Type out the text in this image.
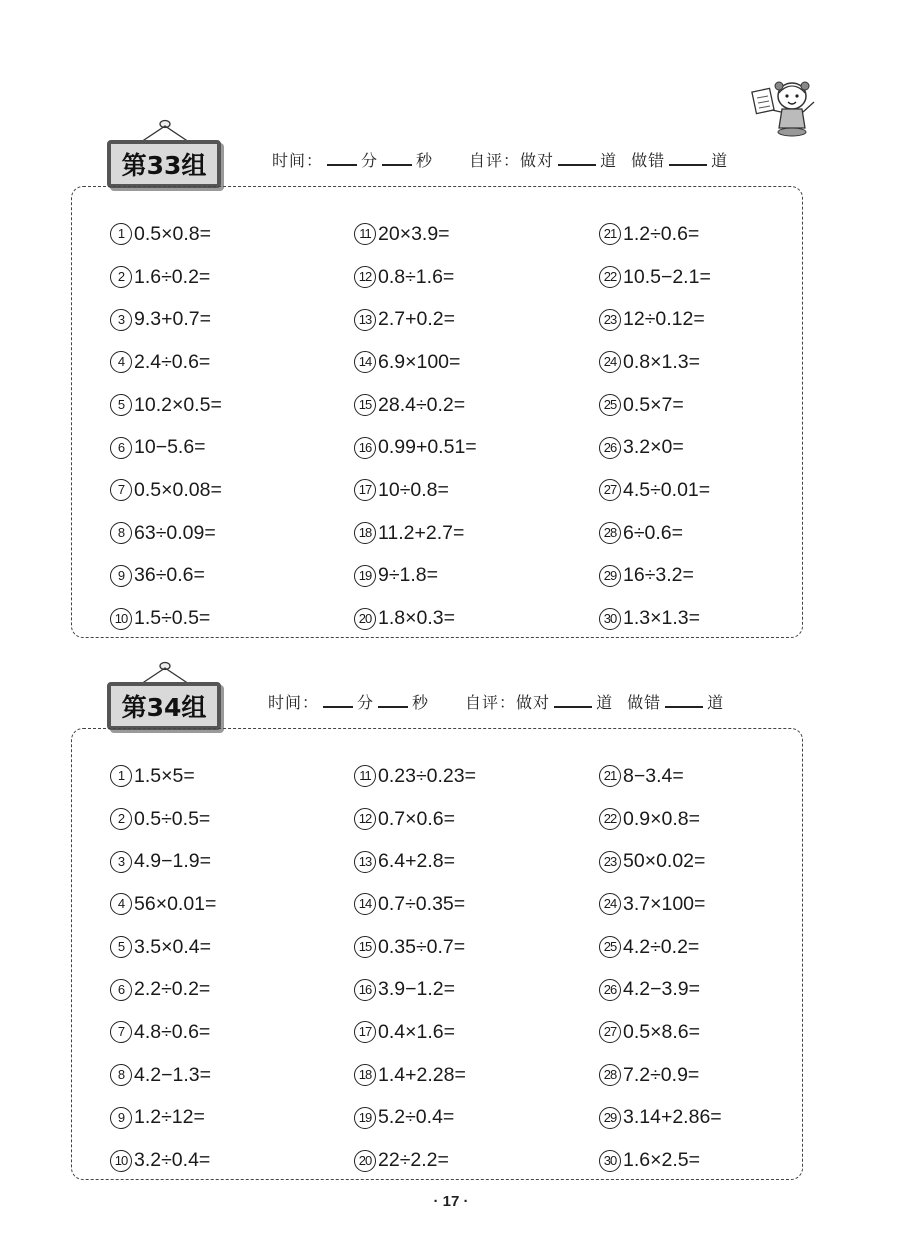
第33组	时间： 分 秒 自评：做对	道 做错	道
1 0.5×0.8=
2 1.6÷0.2=
3 9.3+0.7=
4 2.4÷0.6=
5 10.2×0.5=
6 10−5.6=
7 0.5×0.08=
8 63÷0.09=
9 36÷0.6=
10 1.5÷0.5=
11 20×3.9=
12 0.8÷1.6=
13 2.7+0.2=
14 6.9×100=
15 28.4÷0.2=
16 0.99+0.51=
17 10÷0.8=
18 11.2+2.7=
19 9÷1.8=
20 1.8×0.3=
21 1.2÷0.6=
22 10.5−2.1=
23 12÷0.12=
24 0.8×1.3=
25 0.5×7=
26 3.2×0=
27 4.5÷0.01=
28 6÷0.6=
29 16÷3.2=
30 1.3×1.3=
第34组	时间： 分 秒 自评：做对	道 做错	道
1 1.5×5=
2 0.5÷0.5=
3 4.9−1.9=
4 56×0.01=
5 3.5×0.4=
6 2.2÷0.2=
7 4.8÷0.6=
8 4.2−1.3=
9 1.2÷12=
10 3.2÷0.4=
11 0.23÷0.23=
12 0.7×0.6=
13 6.4+2.8=
14 0.7÷0.35=
15 0.35÷0.7=
16 3.9−1.2=
17 0.4×1.6=
18 1.4+2.28=
19 5.2÷0.4=
20 22÷2.2=
21 8−3.4=
22 0.9×0.8=
23 50×0.02=
24 3.7×100=
25 4.2÷0.2=
26 4.2−3.9=
27 0.5×8.6=
28 7.2÷0.9=
29 3.14+2.86=
30 1.6×2.5=
· 17 ·
